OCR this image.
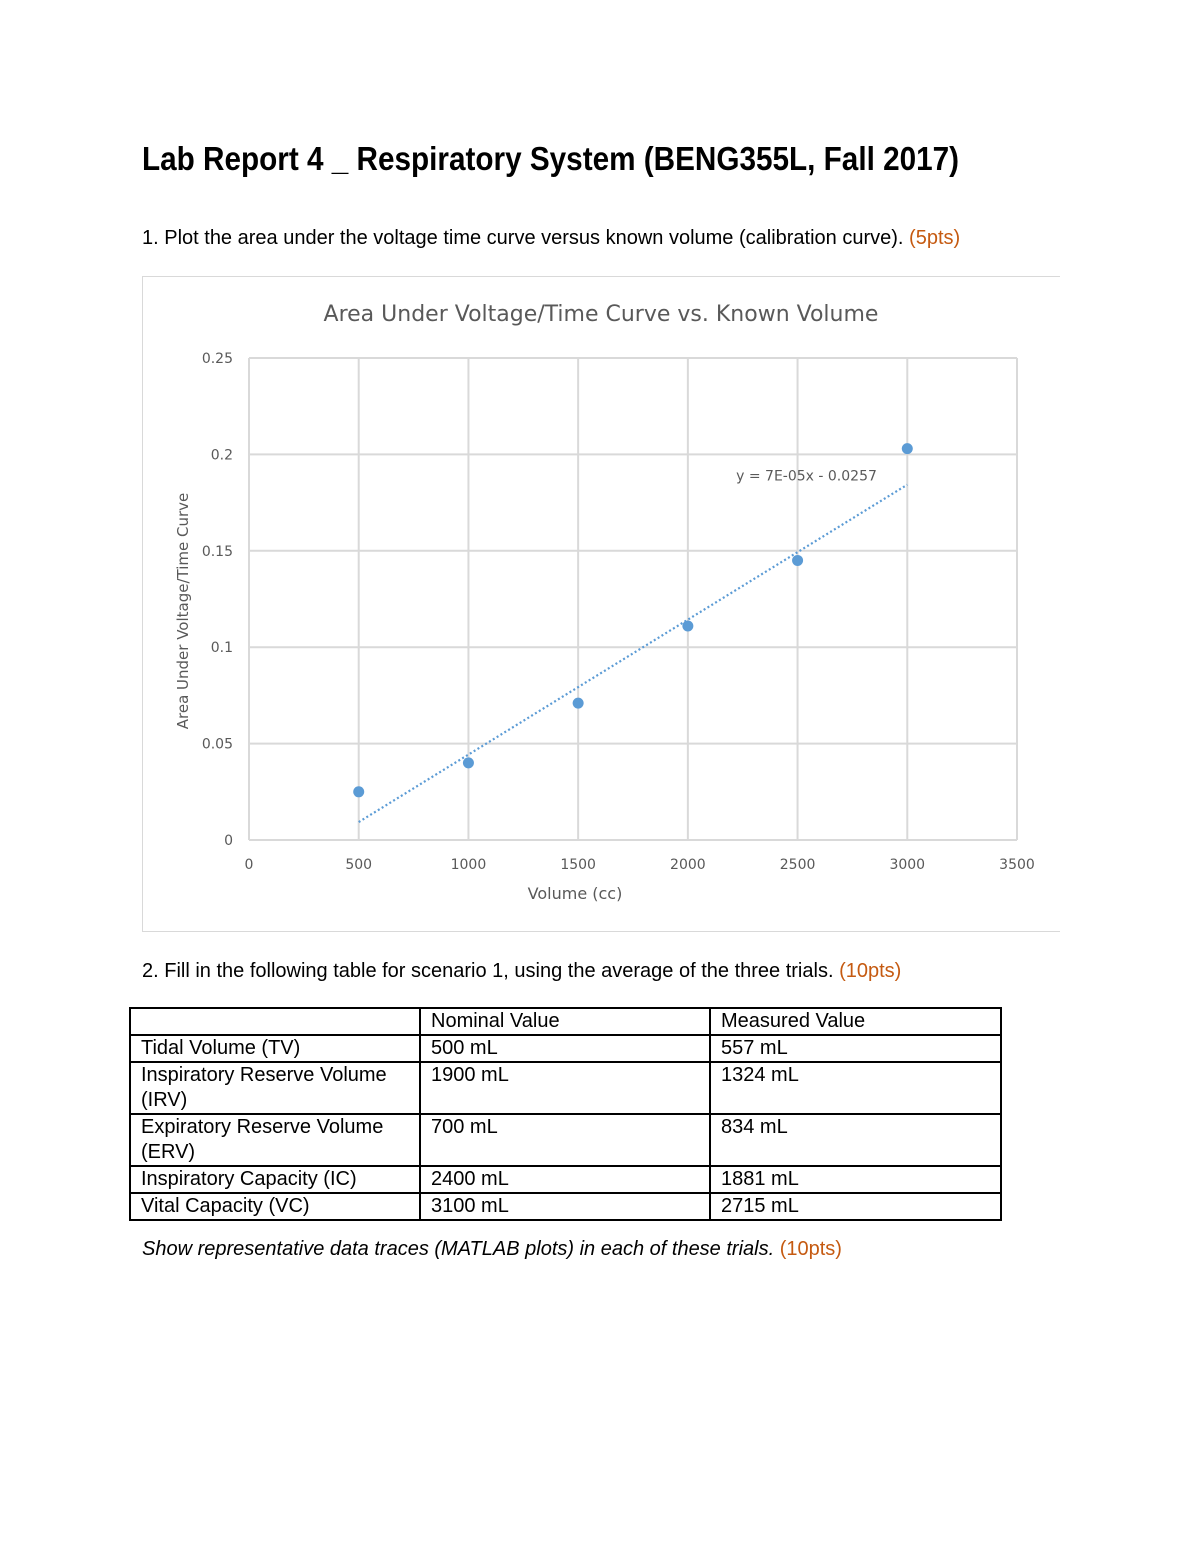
Lab Report 4 _ Respiratory System (BENG355L, Fall 2017)
1. Plot the area under the voltage time curve versus known volume (calibration curve). (5pts)
0
0.05
0.1
0.15
0.2
0.25
0	500	1000	1500	2000	2500	3000	3500
y = 7E-05x - 0.0257
Area Under Voltage/Time Curve vs. Known Volume
Volume (cc)
Area Under Voltage/Time Curve
2. Fill in the following table for scenario 1, using the average of the three trials. (10pts)
	Nominal Value	Measured Value
Tidal Volume (TV)	500 mL	557 mL
Inspiratory Reserve Volume (IRV)	1900 mL	1324 mL
Expiratory Reserve Volume (ERV)	700 mL	834 mL
Inspiratory Capacity (IC)	2400 mL	1881 mL
Vital Capacity (VC)	3100 mL	2715 mL
Show representative data traces (MATLAB plots) in each of these trials. (10pts)
